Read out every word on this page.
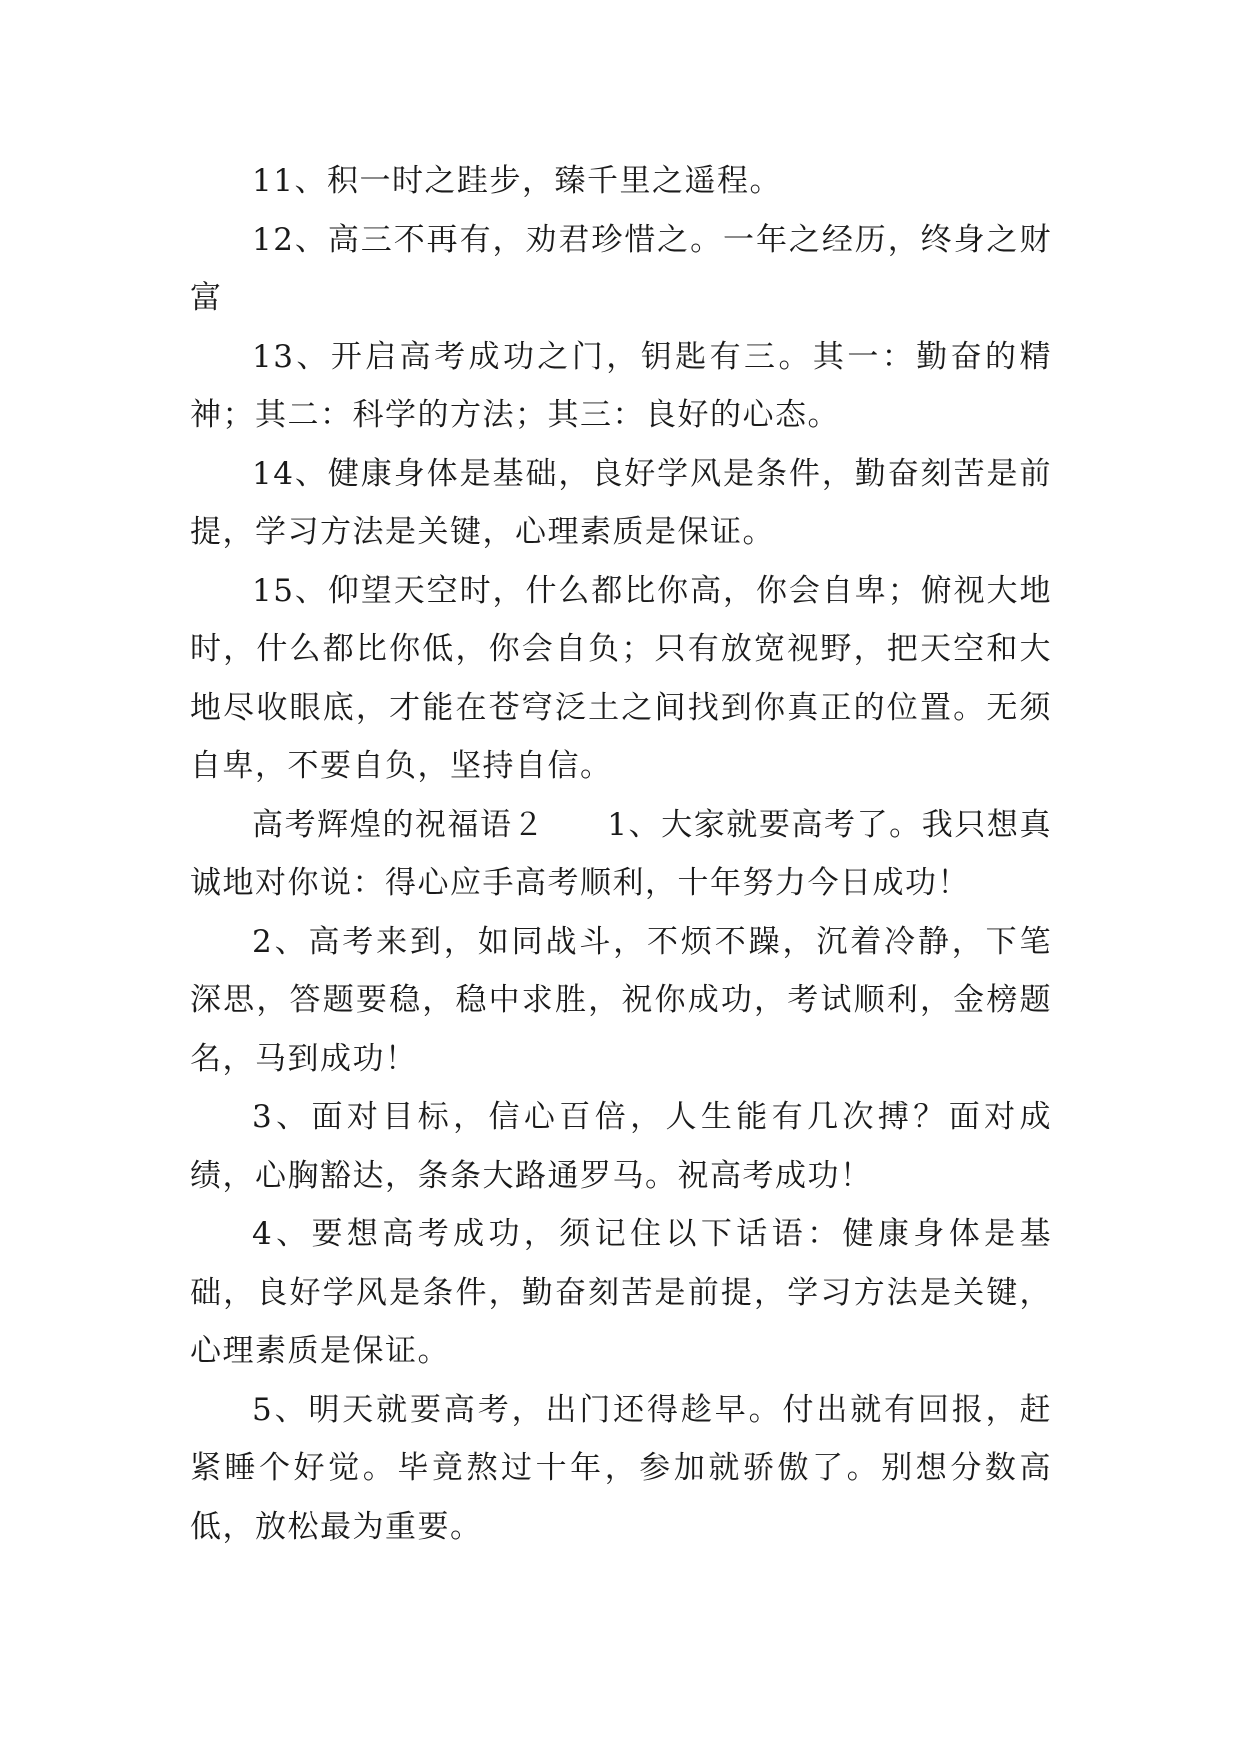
11、积一时之跬步，臻千里之遥程。

12、高三不再有，劝君珍惜之。一年之经历，终身之财富

13、开启高考成功之门，钥匙有三。其一：勤奋的精神；其二：科学的方法；其三：良好的心态。

14、健康身体是基础，良好学风是条件，勤奋刻苦是前提，学习方法是关键，心理素质是保证。

15、仰望天空时，什么都比你高，你会自卑；俯视大地时，什么都比你低，你会自负；只有放宽视野，把天空和大地尽收眼底，才能在苍穹泛土之间找到你真正的位置。无须自卑，不要自负，坚持自信。

高考辉煌的祝福语２ 1、大家就要高考了。我只想真诚地对你说：得心应手高考顺利，十年努力今日成功！

2、高考来到，如同战斗，不烦不躁，沉着冷静，下笔深思，答题要稳，稳中求胜，祝你成功，考试顺利，金榜题名，马到成功！

3、面对目标，信心百倍，人生能有几次搏？面对成绩，心胸豁达，条条大路通罗马。祝高考成功！

4、要想高考成功，须记住以下话语：健康身体是基础，良好学风是条件，勤奋刻苦是前提，学习方法是关键，心理素质是保证。

5、明天就要高考，出门还得趁早。付出就有回报，赶紧睡个好觉。毕竟熬过十年，参加就骄傲了。别想分数高低，放松最为重要。
